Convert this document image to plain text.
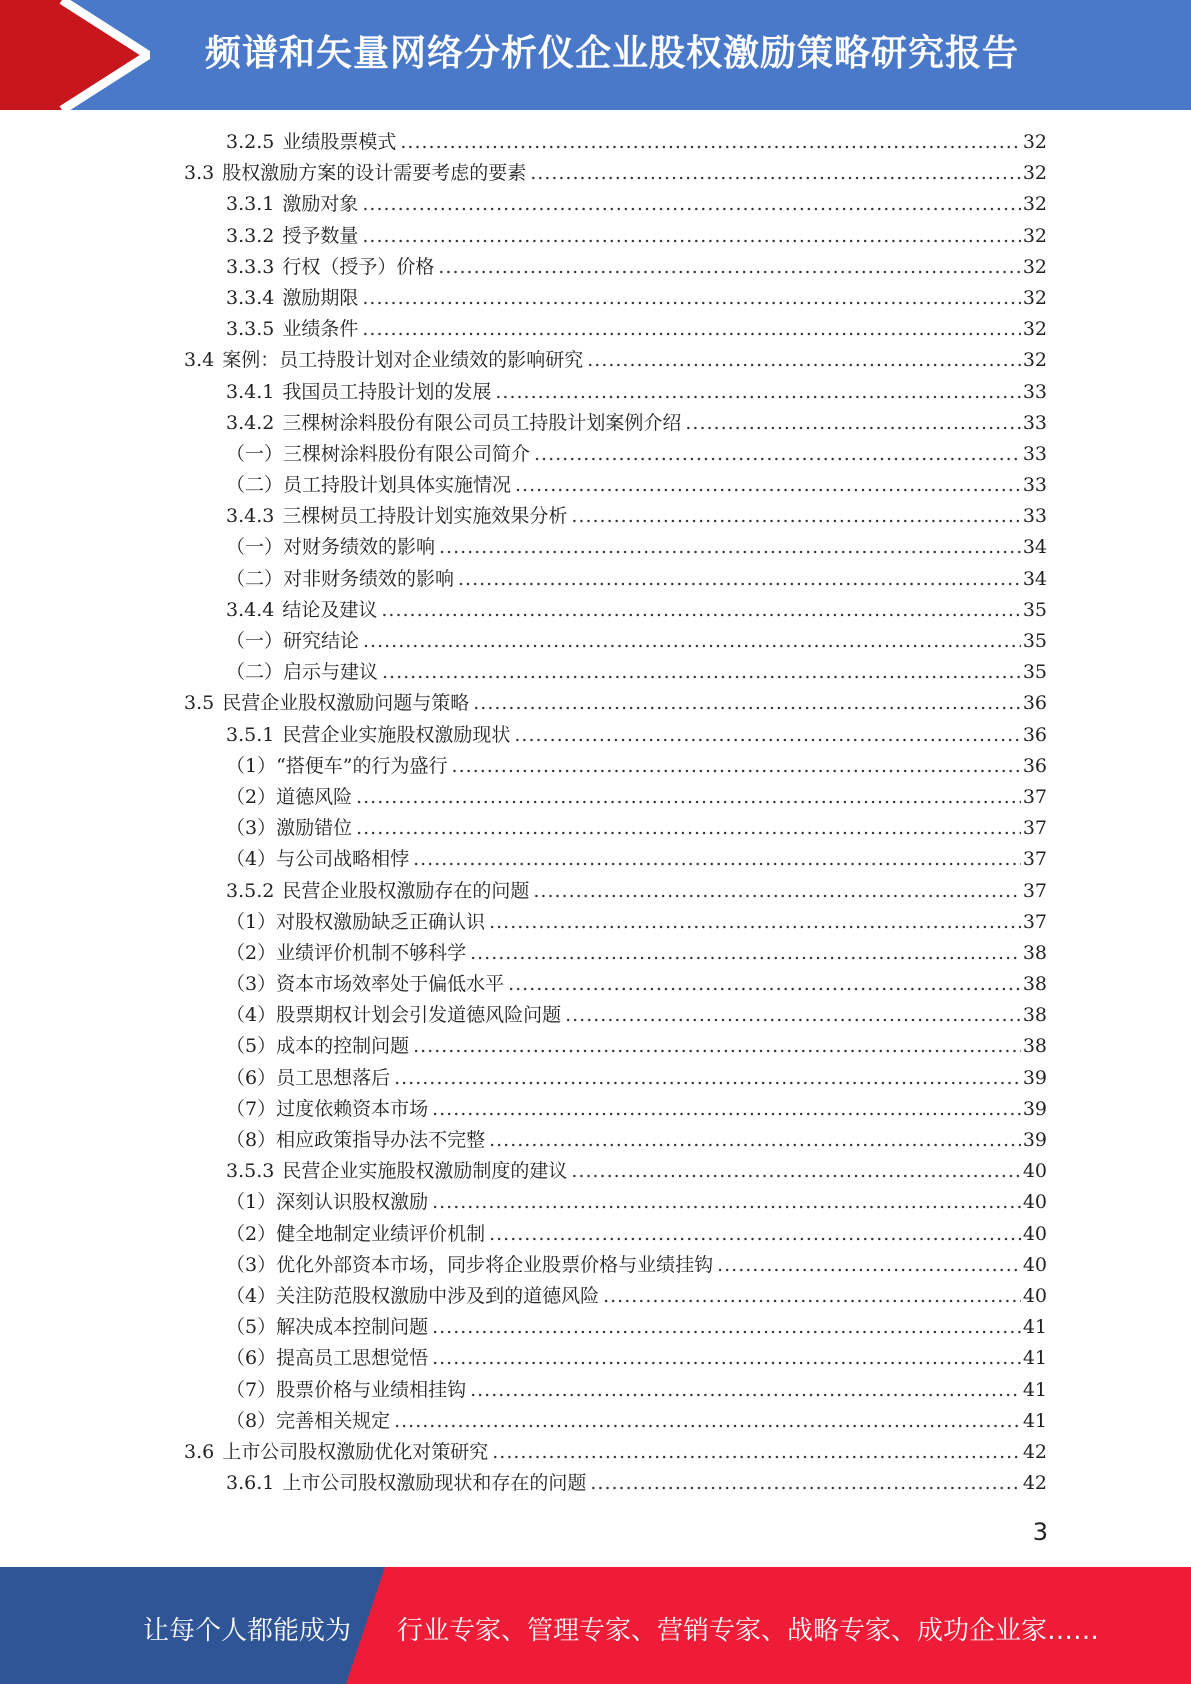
频谱和矢量网络分析仪企业股权激励策略研究报告
3.2.5 业绩股票模式 .....	32
3.3 股权激励方案的设计需要考虑的要素 .....	32
3.3.1 激励对象 .....	32
3.3.2 授予数量 .....	32
3.3.3 行权（授予）价格 .....	32
3.3.4 激励期限 .....	32
3.3.5 业绩条件 .....	32
3.4 案例：员工持股计划对企业绩效的影响研究 .....	32
3.4.1 我国员工持股计划的发展 .....	33
3.4.2 三棵树涂料股份有限公司员工持股计划案例介绍 .....	33
（一）三棵树涂料股份有限公司简介 .....	33
（二）员工持股计划具体实施情况 .....	33
3.4.3 三棵树员工持股计划实施效果分析 .....	33
（一）对财务绩效的影响 .....	34
（二）对非财务绩效的影响 .....	34
3.4.4 结论及建议 .....	35
（一）研究结论 .....	35
（二）启示与建议 .....	35
3.5 民营企业股权激励问题与策略 .....	36
3.5.1 民营企业实施股权激励现状 .....	36
（1）“搭便车”的行为盛行 .....	36
（2）道德风险 .....	37
（3）激励错位 .....	37
（4）与公司战略相悖 .....	37
3.5.2 民营企业股权激励存在的问题 .....	37
（1）对股权激励缺乏正确认识 .....	37
（2）业绩评价机制不够科学 .....	38
（3）资本市场效率处于偏低水平 .....	38
（4）股票期权计划会引发道德风险问题 .....	38
（5）成本的控制问题 .....	38
（6）员工思想落后 .....	39
（7）过度依赖资本市场 .....	39
（8）相应政策指导办法不完整 .....	39
3.5.3 民营企业实施股权激励制度的建议 .....	40
（1）深刻认识股权激励 .....	40
（2）健全地制定业绩评价机制 .....	40
（3）优化外部资本市场，同步将企业股票价格与业绩挂钩 .....	40
（4）关注防范股权激励中涉及到的道德风险 .....	40
（5）解决成本控制问题 .....	41
（6）提高员工思想觉悟 .....	41
（7）股票价格与业绩相挂钩 .....	41
（8）完善相关规定 .....	41
3.6 上市公司股权激励优化对策研究 .....	42
3.6.1 上市公司股权激励现状和存在的问题 .....	42
3
让每个人都能成为 行业专家、管理专家、营销专家、战略专家、成功企业家……
